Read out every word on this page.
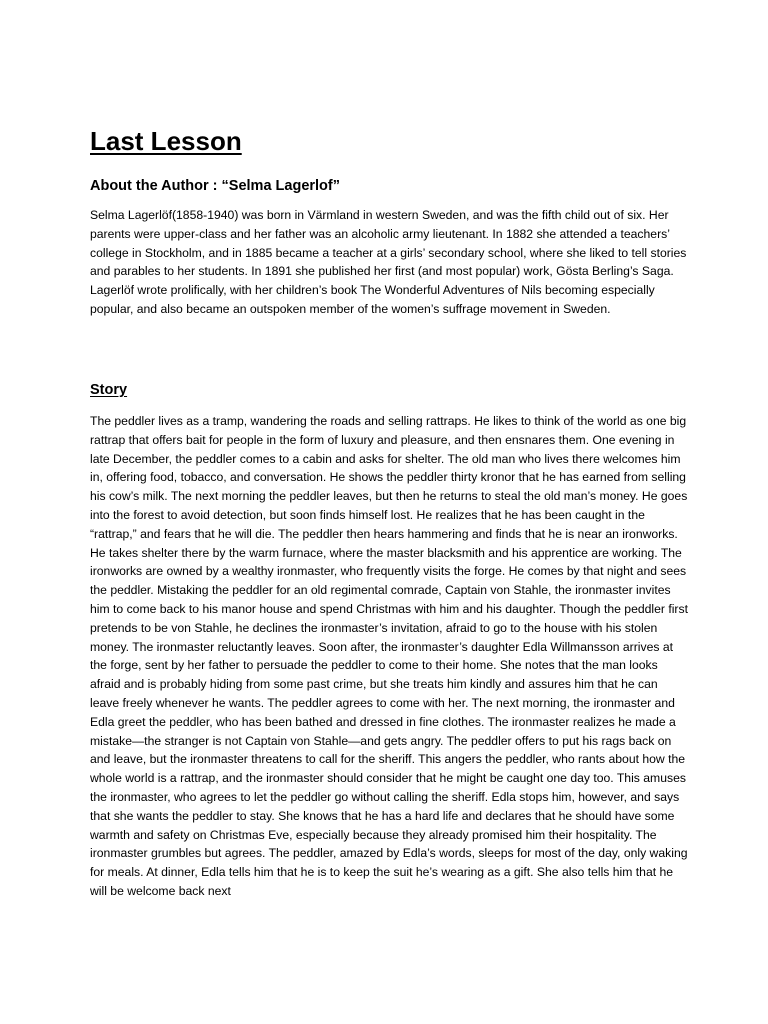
Last Lesson
About the Author : “Selma Lagerlof”

Selma Lagerlöf(1858-1940) was born in Värmland in western Sweden, and was the fifth child out of six. Her parents were upper-class and her father was an alcoholic army lieutenant. In 1882 she attended a teachers’ college in Stockholm, and in 1885 became a teacher at a girls’ secondary school, where she liked to tell stories and parables to her students. In 1891 she published her first (and most popular) work, Gösta Berling’s Saga. Lagerlöf wrote prolifically, with her children’s book The Wonderful Adventures of Nils becoming especially popular, and also became an outspoken member of the women’s suffrage movement in Sweden.

Story

The peddler lives as a tramp, wandering the roads and selling rattraps. He likes to think of the world as one big rattrap that offers bait for people in the form of luxury and pleasure, and then ensnares them. One evening in late December, the peddler comes to a cabin and asks for shelter. The old man who lives there welcomes him in, offering food, tobacco, and conversation. He shows the peddler thirty kronor that he has earned from selling his cow’s milk. The next morning the peddler leaves, but then he returns to steal the old man’s money. He goes into the forest to avoid detection, but soon finds himself lost. He realizes that he has been caught in the “rattrap,” and fears that he will die. The peddler then hears hammering and finds that he is near an ironworks. He takes shelter there by the warm furnace, where the master blacksmith and his apprentice are working. The ironworks are owned by a wealthy ironmaster, who frequently visits the forge. He comes by that night and sees the peddler. Mistaking the peddler for an old regimental comrade, Captain von Stahle, the ironmaster invites him to come back to his manor house and spend Christmas with him and his daughter. Though the peddler first pretends to be von Stahle, he declines the ironmaster’s invitation, afraid to go to the house with his stolen money. The ironmaster reluctantly leaves. Soon after, the ironmaster’s daughter Edla Willmansson arrives at the forge, sent by her father to persuade the peddler to come to their home. She notes that the man looks afraid and is probably hiding from some past crime, but she treats him kindly and assures him that he can leave freely whenever he wants. The peddler agrees to come with her. The next morning, the ironmaster and Edla greet the peddler, who has been bathed and dressed in fine clothes. The ironmaster realizes he made a mistake—the stranger is not Captain von Stahle—and gets angry. The peddler offers to put his rags back on and leave, but the ironmaster threatens to call for the sheriff. This angers the peddler, who rants about how the whole world is a rattrap, and the ironmaster should consider that he might be caught one day too. This amuses the ironmaster, who agrees to let the peddler go without calling the sheriff. Edla stops him, however, and says that she wants the peddler to stay. She knows that he has a hard life and declares that he should have some warmth and safety on Christmas Eve, especially because they already promised him their hospitality. The ironmaster grumbles but agrees. The peddler, amazed by Edla’s words, sleeps for most of the day, only waking for meals. At dinner, Edla tells him that he is to keep the suit he’s wearing as a gift. She also tells him that he will be welcome back next
